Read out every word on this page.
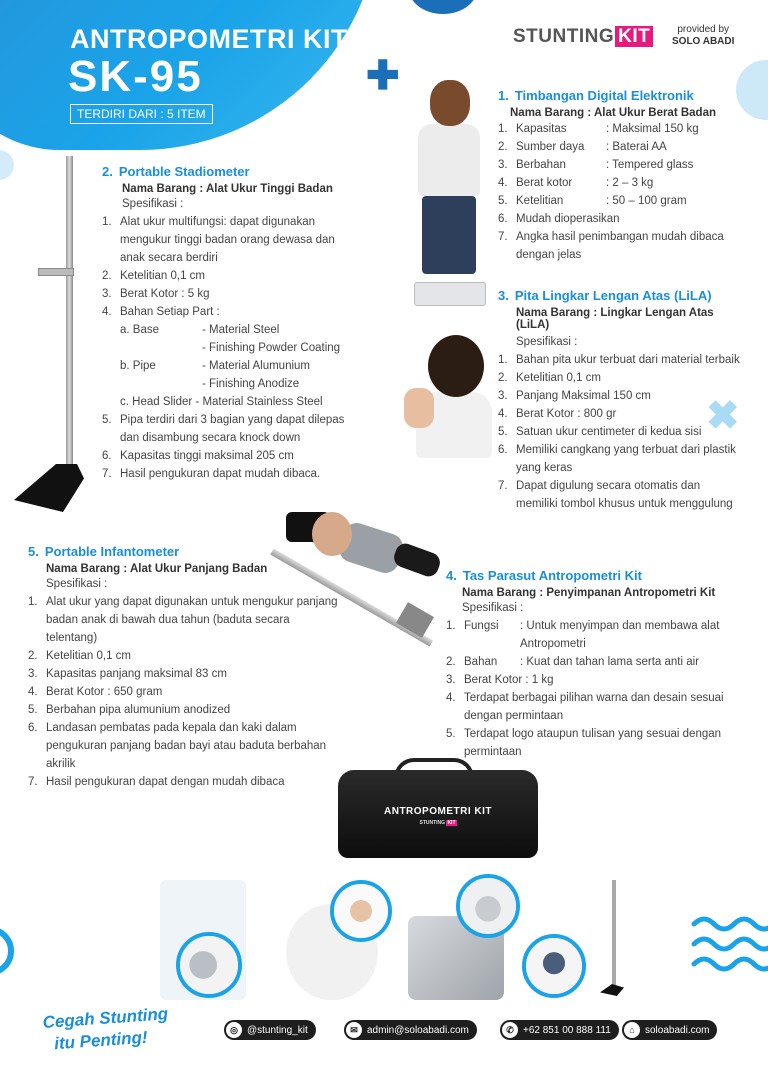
ANTROPOMETRI KIT
SK-95
TERDIRI DARI : 5 ITEM
✚
✖
STUNTING KIT	provided by
SOLO ABADI
ANTROPOMETRI KIT
STUNTING KIT
1. Timbangan Digital Elektronik
Nama Barang : Alat Ukur Berat Badan
1. Kapasitas	: Maksimal 150 kg
2. Sumber daya	: Baterai AA
3. Berbahan	: Tempered glass
4. Berat kotor	: 2 – 3 kg
5. Ketelitian	: 50 – 100 gram
6. Mudah dioperasikan
7. Angka hasil penimbangan mudah dibaca dengan jelas
2. Portable Stadiometer
Nama Barang : Alat Ukur Tinggi Badan
Spesifikasi :
1. Alat ukur multifungsi: dapat digunakan mengukur tinggi badan orang dewasa dan anak secara berdiri
2. Ketelitian 0,1 cm
3. Berat Kotor : 5 kg
4. Bahan Setiap Part :
a. Base	- Material Steel
- Finishing Powder Coating
b. Pipe	- Material Alumunium
- Finishing Anodize
c. Head Slider - Material Stainless Steel
5. Pipa terdiri dari 3 bagian yang dapat dilepas dan disambung secara knock down
6. Kapasitas tinggi maksimal 205 cm
7. Hasil pengukuran dapat mudah dibaca.
3. Pita Lingkar Lengan Atas (LiLA)
Nama Barang : Lingkar Lengan Atas
(LiLA)
Spesifikasi :
1. Bahan pita ukur terbuat dari material terbaik
2. Ketelitian 0,1 cm
3. Panjang Maksimal 150 cm
4. Berat Kotor : 800 gr
5. Satuan ukur centimeter di kedua sisi
6. Memiliki cangkang yang terbuat dari plastik yang keras
7. Dapat digulung secara otomatis dan memiliki tombol khusus untuk menggulung
5. Portable Infantometer
Nama Barang : Alat Ukur Panjang Badan
Spesifikasi :
1. Alat ukur yang dapat digunakan untuk mengukur panjang badan anak di bawah dua tahun (baduta secara telentang)
2. Ketelitian 0,1 cm
3. Kapasitas panjang maksimal 83 cm
4. Berat Kotor : 650 gram
5. Berbahan pipa alumunium anodized
6. Landasan pembatas pada kepala dan kaki dalam pengukuran panjang badan bayi atau baduta berbahan akrilik
7. Hasil pengukuran dapat dengan mudah dibaca
4. Tas Parasut Antropometri Kit
Nama Barang : Penyimpanan Antropometri Kit
Spesifikasi :
1. Fungsi	: Untuk menyimpan dan membawa alat Antropometri
2. Bahan	: Kuat dan tahan lama serta anti air
3. Berat Kotor : 1 kg
4. Terdapat berbagai pilihan warna dan desain sesuai dengan permintaan
5. Terdapat logo ataupun tulisan yang sesuai dengan permintaan
Cegah Stunting
itu Penting!	◎ @stunting_kit	✉ admin@soloabadi.com	✆ +62 851 00 888 111	⌂	soloabadi.com
